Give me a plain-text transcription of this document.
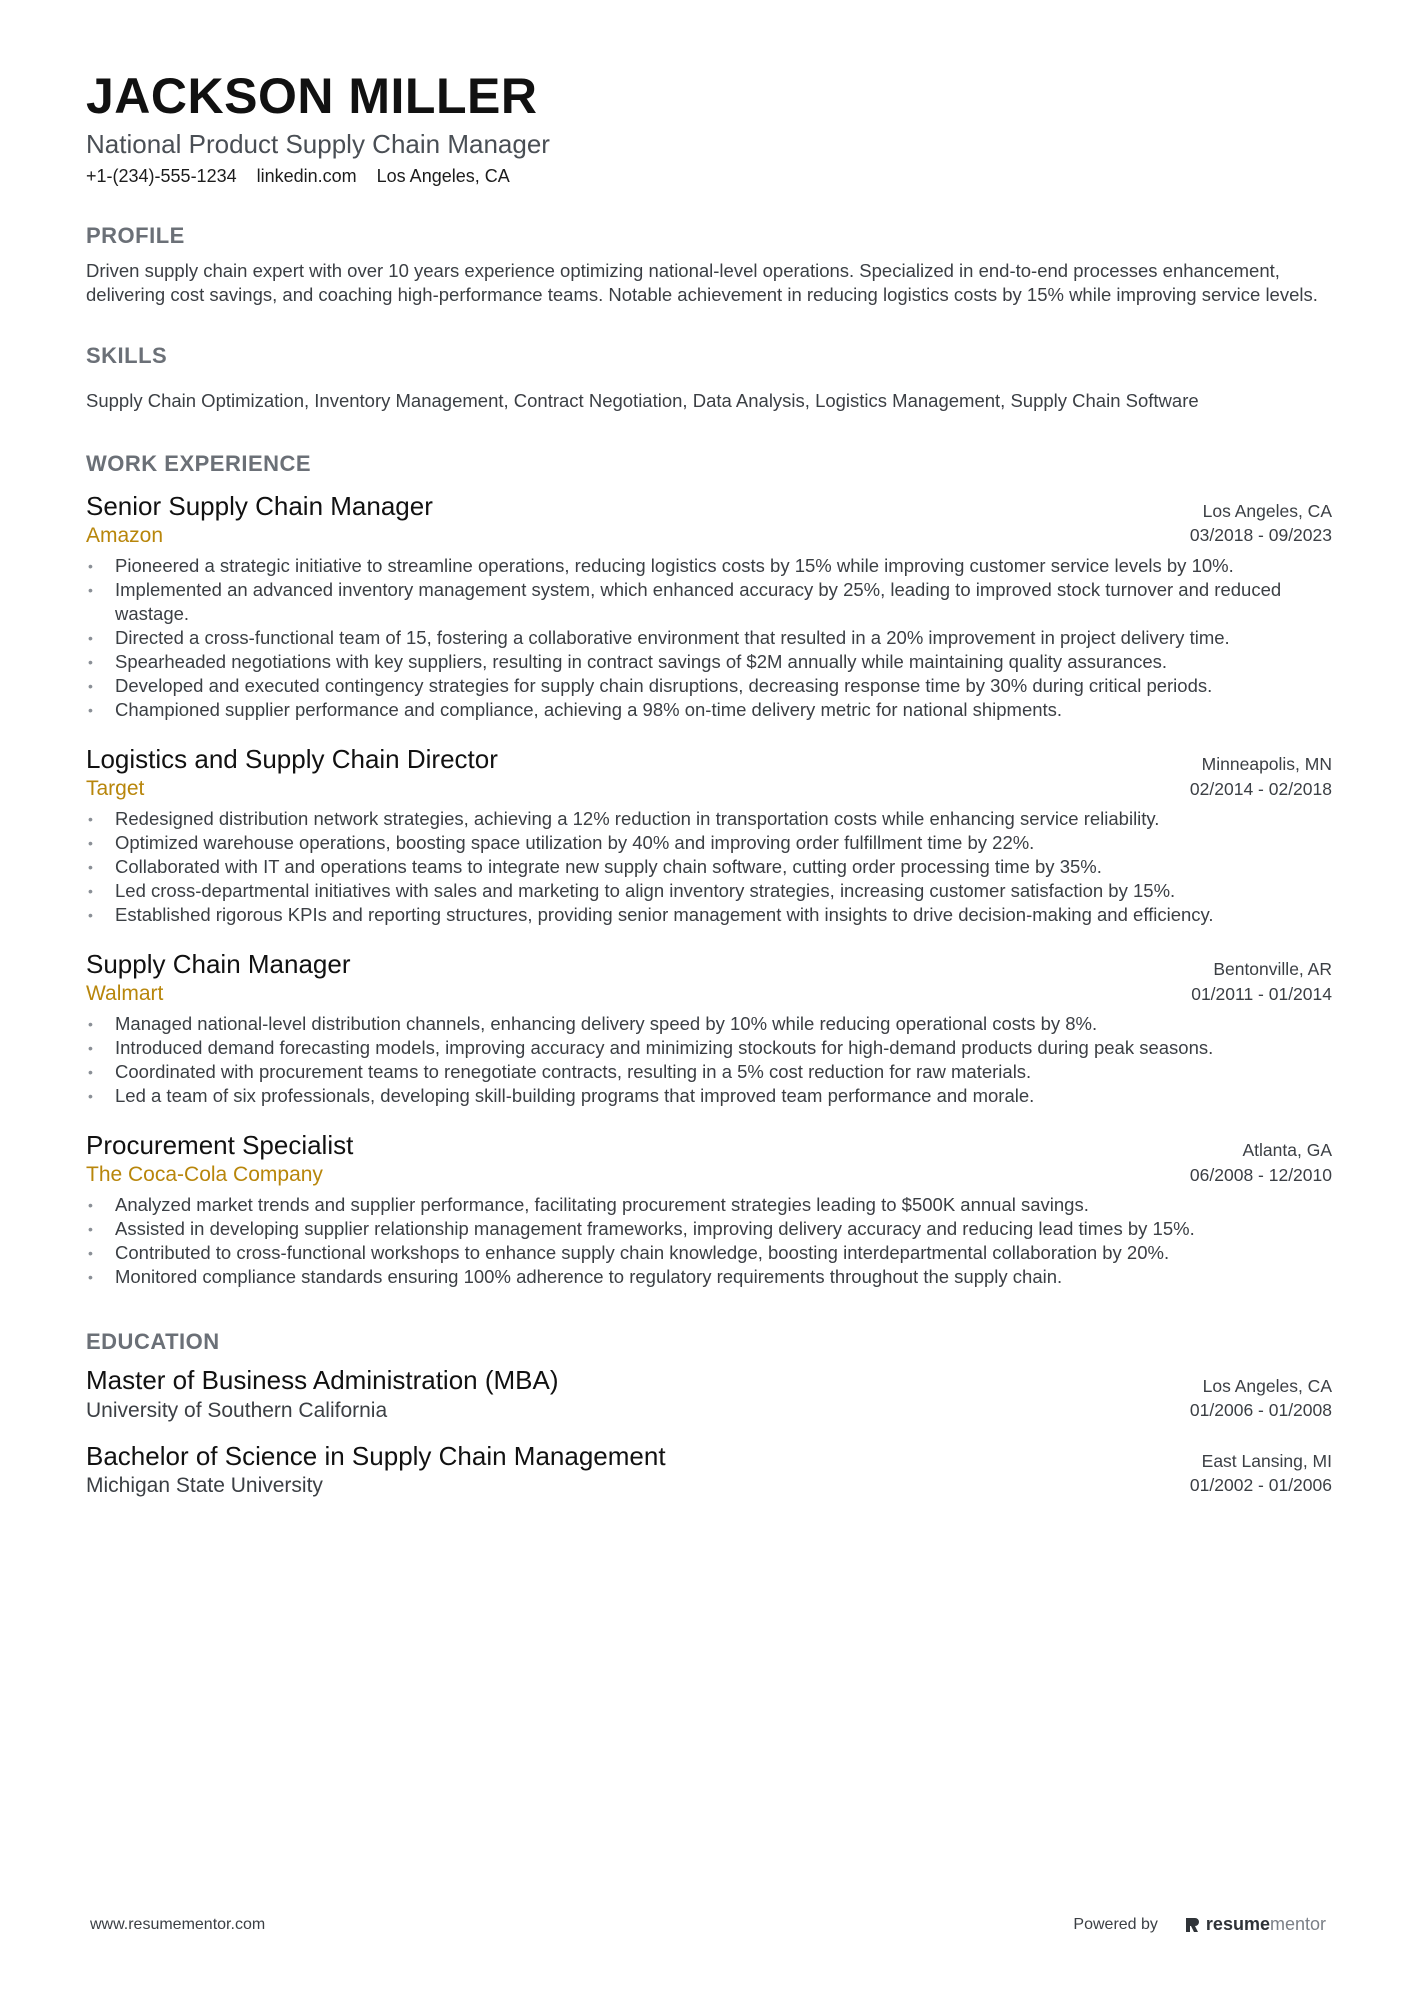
JACKSON MILLER
National Product Supply Chain Manager
+1-(234)-555-1234 linkedin.com Los Angeles, CA
PROFILE
Driven supply chain expert with over 10 years experience optimizing national-level operations. Specialized in end-to-end processes enhancement, delivering cost savings, and coaching high-performance teams. Notable achievement in reducing logistics costs by 15% while improving service levels.
SKILLS
Supply Chain Optimization, Inventory Management, Contract Negotiation, Data Analysis, Logistics Management, Supply Chain Software
WORK EXPERIENCE
Senior Supply Chain Manager	Los Angeles, CA
Amazon	03/2018 - 09/2023
• Pioneered a strategic initiative to streamline operations, reducing logistics costs by 15% while improving customer service levels by 10%.
• Implemented an advanced inventory management system, which enhanced accuracy by 25%, leading to improved stock turnover and reduced wastage.
• Directed a cross-functional team of 15, fostering a collaborative environment that resulted in a 20% improvement in project delivery time.
• Spearheaded negotiations with key suppliers, resulting in contract savings of $2M annually while maintaining quality assurances.
• Developed and executed contingency strategies for supply chain disruptions, decreasing response time by 30% during critical periods.
• Championed supplier performance and compliance, achieving a 98% on-time delivery metric for national shipments.
Logistics and Supply Chain Director	Minneapolis, MN
Target	02/2014 - 02/2018
• Redesigned distribution network strategies, achieving a 12% reduction in transportation costs while enhancing service reliability.
• Optimized warehouse operations, boosting space utilization by 40% and improving order fulfillment time by 22%.
• Collaborated with IT and operations teams to integrate new supply chain software, cutting order processing time by 35%.
• Led cross-departmental initiatives with sales and marketing to align inventory strategies, increasing customer satisfaction by 15%.
• Established rigorous KPIs and reporting structures, providing senior management with insights to drive decision-making and efficiency.
Supply Chain Manager	Bentonville, AR
Walmart	01/2011 - 01/2014
• Managed national-level distribution channels, enhancing delivery speed by 10% while reducing operational costs by 8%.
• Introduced demand forecasting models, improving accuracy and minimizing stockouts for high-demand products during peak seasons.
• Coordinated with procurement teams to renegotiate contracts, resulting in a 5% cost reduction for raw materials.
• Led a team of six professionals, developing skill-building programs that improved team performance and morale.
Procurement Specialist	Atlanta, GA
The Coca-Cola Company	06/2008 - 12/2010
• Analyzed market trends and supplier performance, facilitating procurement strategies leading to $500K annual savings.
• Assisted in developing supplier relationship management frameworks, improving delivery accuracy and reducing lead times by 15%.
• Contributed to cross-functional workshops to enhance supply chain knowledge, boosting interdepartmental collaboration by 20%.
• Monitored compliance standards ensuring 100% adherence to regulatory requirements throughout the supply chain.
EDUCATION
Master of Business Administration (MBA)	Los Angeles, CA
University of Southern California	01/2006 - 01/2008
Bachelor of Science in Supply Chain Management	East Lansing, MI
Michigan State University	01/2002 - 01/2006
www.resumementor.com	Powered by	resumementor
